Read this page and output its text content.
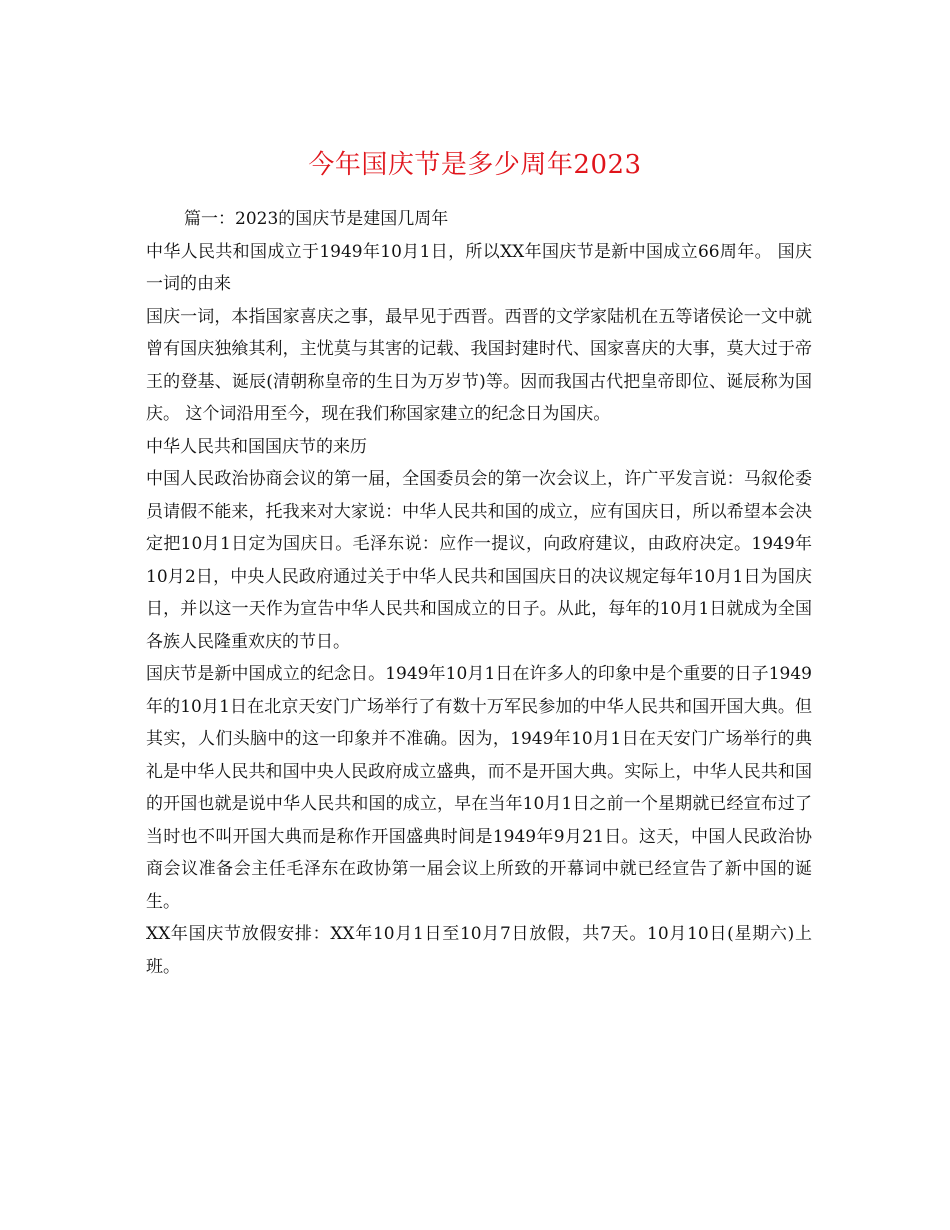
今年国庆节是多少周年2023

篇一：2023的国庆节是建国几周年

中华人民共和国成立于1949年10月1日，所以XX年国庆节是新中国成立66周年。 国庆一词的由来

国庆一词，本指国家喜庆之事，最早见于西晋。西晋的文学家陆机在五等诸侯论一文中就曾有国庆独飨其利，主忧莫与其害的记载、我国封建时代、国家喜庆的大事，莫大过于帝王的登基、诞辰(清朝称皇帝的生日为万岁节)等。因而我国古代把皇帝即位、诞辰称为国庆。 这个词沿用至今，现在我们称国家建立的纪念日为国庆。

中华人民共和国国庆节的来历

中国人民政治协商会议的第一届，全国委员会的第一次会议上，许广平发言说：马叙伦委员请假不能来，托我来对大家说：中华人民共和国的成立，应有国庆日，所以希望本会决定把10月1日定为国庆日。毛泽东说：应作一提议，向政府建议，由政府决定。1949年10月2日，中央人民政府通过关于中华人民共和国国庆日的决议规定每年10月1日为国庆日，并以这一天作为宣告中华人民共和国成立的日子。从此，每年的10月1日就成为全国各族人民隆重欢庆的节日。

国庆节是新中国成立的纪念日。1949年10月1日在许多人的印象中是个重要的日子1949年的10月1日在北京天安门广场举行了有数十万军民参加的中华人民共和国开国大典。但其实，人们头脑中的这一印象并不准确。因为，1949年10月1日在天安门广场举行的典礼是中华人民共和国中央人民政府成立盛典，而不是开国大典。实际上，中华人民共和国的开国也就是说中华人民共和国的成立，早在当年10月1日之前一个星期就已经宣布过了当时也不叫开国大典而是称作开国盛典时间是1949年9月21日。这天，中国人民政治协商会议准备会主任毛泽东在政协第一届会议上所致的开幕词中就已经宣告了新中国的诞生。

XX年国庆节放假安排：XX年10月1日至10月7日放假，共7天。10月10日(星期六)上班。
